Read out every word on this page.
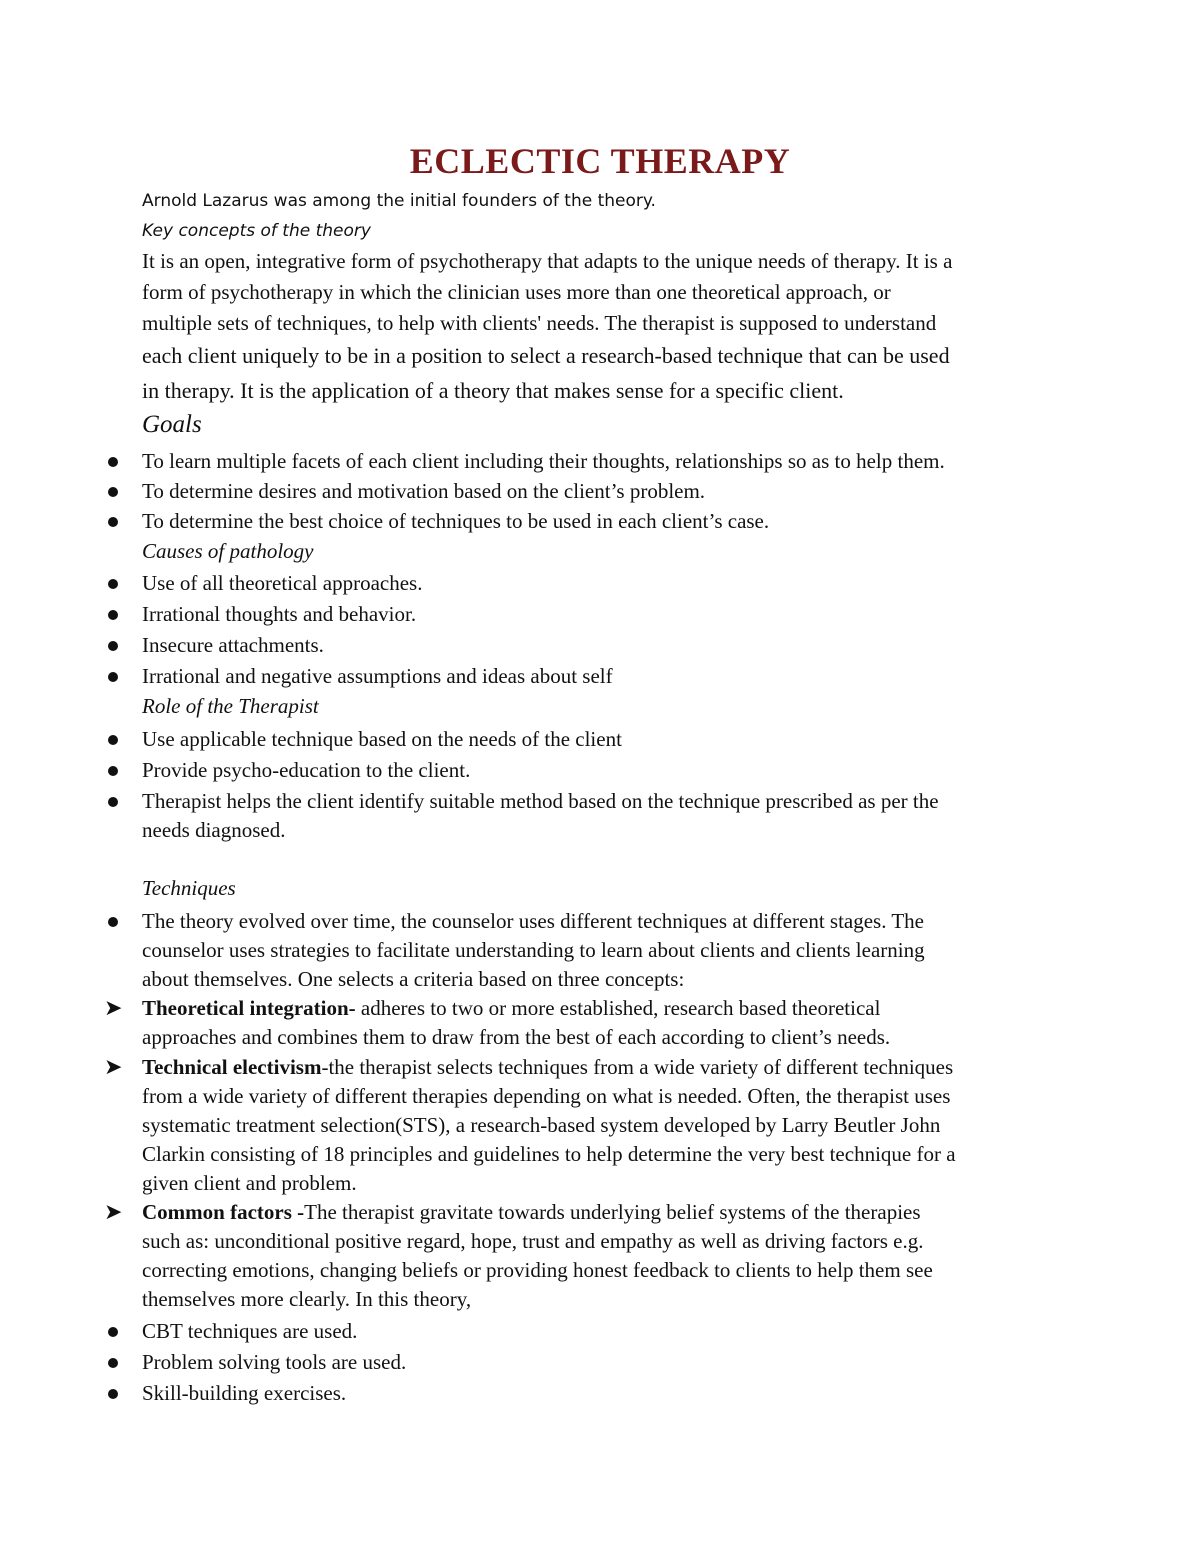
ECLECTIC THERAPY
Arnold Lazarus was among the initial founders of the theory.
Key concepts of the theory
It is an open, integrative form of psychotherapy that adapts to the unique needs of therapy. It is a
form of psychotherapy in which the clinician uses more than one theoretical approach, or
multiple sets of techniques, to help with clients' needs. The therapist is supposed to understand
each client uniquely to be in a position to select a research-based technique that can be used
in therapy. It is the application of a theory that makes sense for a specific client.
Goals
To learn multiple facets of each client including their thoughts, relationships so as to help them.
To determine desires and motivation based on the client’s problem.
To determine the best choice of techniques to be used in each client’s case.
Causes of pathology
Use of all theoretical approaches.
Irrational thoughts and behavior.
Insecure attachments.
Irrational and negative assumptions and ideas about self
Role of the Therapist
Use applicable technique based on the needs of the client
Provide psycho-education to the client.
Therapist helps the client identify suitable method based on the technique prescribed as per the
needs diagnosed.
Techniques
The theory evolved over time, the counselor uses different techniques at different stages. The
counselor uses strategies to facilitate understanding to learn about clients and clients learning
about themselves. One selects a criteria based on three concepts:
➤ Theoretical integration- adheres to two or more established, research based theoretical
approaches and combines them to draw from the best of each according to client’s needs.
➤ Technical electivism-the therapist selects techniques from a wide variety of different techniques
from a wide variety of different therapies depending on what is needed. Often, the therapist uses
systematic treatment selection(STS), a research-based system developed by Larry Beutler John
Clarkin consisting of 18 principles and guidelines to help determine the very best technique for a
given client and problem.
➤ Common factors -The therapist gravitate towards underlying belief systems of the therapies
such as: unconditional positive regard, hope, trust and empathy as well as driving factors e.g.
correcting emotions, changing beliefs or providing honest feedback to clients to help them see
themselves more clearly. In this theory,
CBT techniques are used.
Problem solving tools are used.
Skill-building exercises.
